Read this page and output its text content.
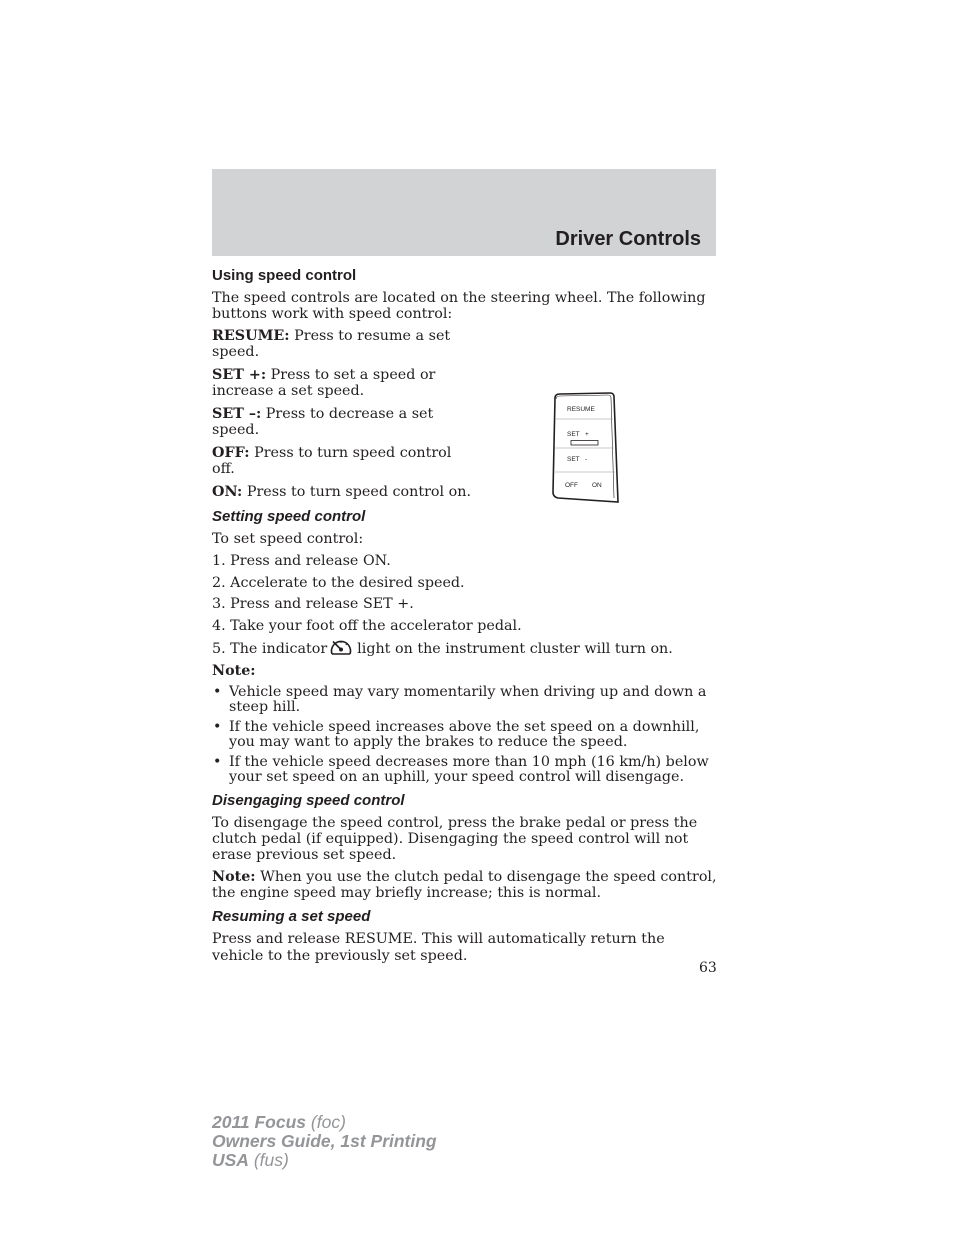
Driver Controls
Using speed control

The speed controls are located on the steering wheel. The following buttons work with speed control:

RESUME: Press to resume a set speed.

SET +: Press to set a speed or increase a set speed.

SET –: Press to decrease a set speed.

OFF: Press to turn speed control off.

ON: Press to turn speed control on.

RESUME
SET +
SET -
OFF ON
Setting speed control

To set speed control:

1. Press and release ON.
2. Accelerate to the desired speed.
3. Press and release SET +.
4. Take your foot off the accelerator pedal.
5. The indicator light on the instrument cluster will turn on.

Note:

• Vehicle speed may vary momentarily when driving up and down a steep hill.
• If the vehicle speed increases above the set speed on a downhill, you may want to apply the brakes to reduce the speed.
• If the vehicle speed decreases more than 10 mph (16 km/h) below your set speed on an uphill, your speed control will disengage.
Disengaging speed control

To disengage the speed control, press the brake pedal or press the clutch pedal (if equipped). Disengaging the speed control will not erase previous set speed.

Note: When you use the clutch pedal to disengage the speed control, the engine speed may briefly increase; this is normal.

Resuming a set speed

Press and release RESUME. This will automatically return the vehicle to the previously set speed.

63
2011 Focus (foc)
Owners Guide, 1st Printing
USA (fus)
